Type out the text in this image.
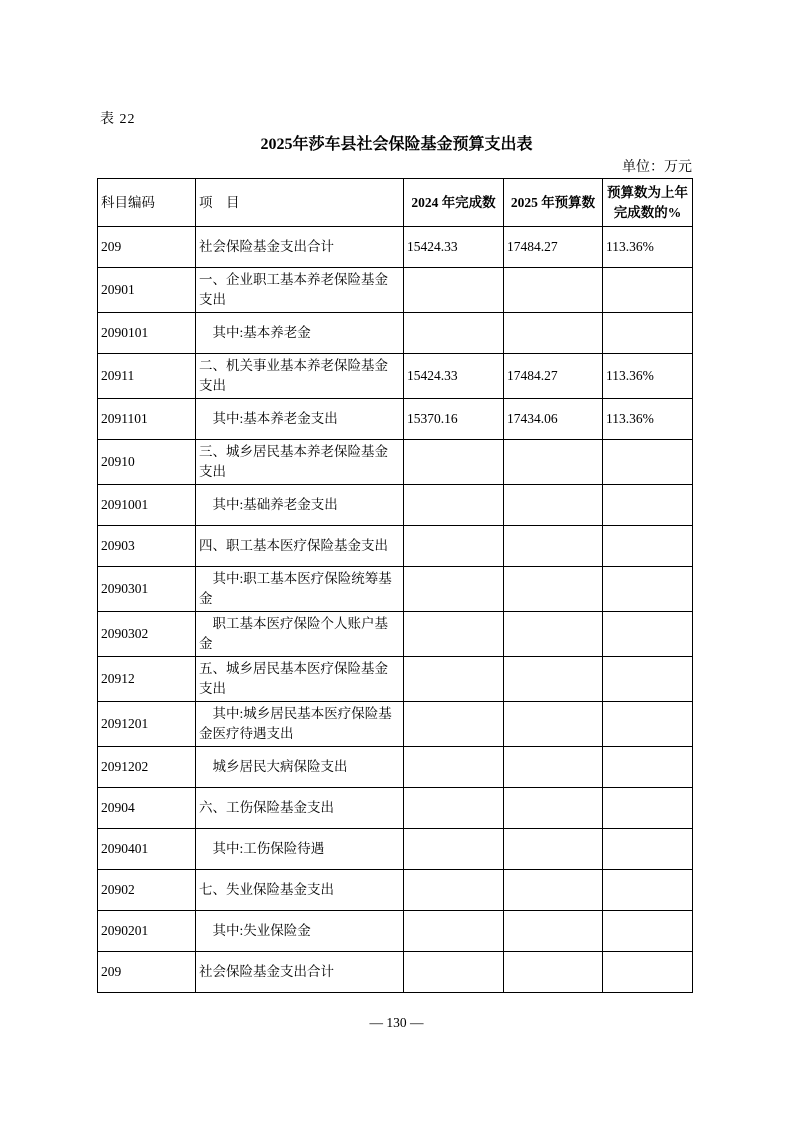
表 22
2025年莎车县社会保险基金预算支出表
单位：万元
科目编码	项　目	2024 年完成数	2025 年预算数	预算数为上年完成数的%
209	社会保险基金支出合计	15424.33	17484.27	113.36%
20901	一、企业职工基本养老保险基金支出			
2090101	　其中:基本养老金			
20911	二、机关事业基本养老保险基金支出	15424.33	17484.27	113.36%
2091101	　其中:基本养老金支出	15370.16	17434.06	113.36%
20910	三、城乡居民基本养老保险基金支出			
2091001	　其中:基础养老金支出			
20903	四、职工基本医疗保险基金支出			
2090301	　其中:职工基本医疗保险统筹基金			
2090302	　职工基本医疗保险个人账户基金			
20912	五、城乡居民基本医疗保险基金支出			
2091201	　其中:城乡居民基本医疗保险基金医疗待遇支出			
2091202	　城乡居民大病保险支出			
20904	六、工伤保险基金支出			
2090401	　其中:工伤保险待遇			
20902	七、失业保险基金支出			
2090201	　其中:失业保险金			
209	社会保险基金支出合计			
— 130 —
